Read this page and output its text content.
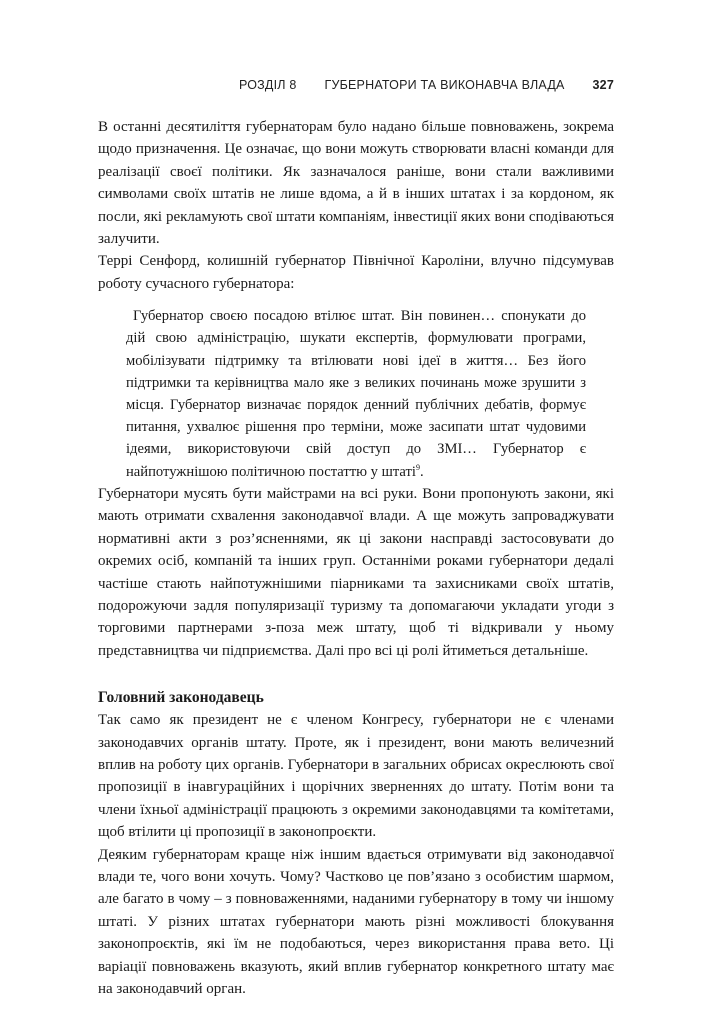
РОЗДІЛ 8 ГУБЕРНАТОРИ ТА ВИКОНАВЧА ВЛАДА 327

В останні десятиліття губернаторам було надано більше повноважень, зокрема щодо призначення. Це означає, що вони можуть створювати власні команди для реалізації своєї політики. Як зазначалося раніше, вони стали важливими символами своїх штатів не лише вдома, а й в інших штатах і за кордоном, як посли, які рекламують свої штати компаніям, інвестиції яких вони сподіваються залучити.

Террі Сенфорд, колишній губернатор Північної Кароліни, влучно підсумував роботу сучасного губернатора:

Губернатор своєю посадою втілює штат. Він повинен… спонукати до дій свою адміністрацію, шукати експертів, формулювати програми, мобілізувати підтримку та втілювати нові ідеї в життя… Без його підтримки та керівництва мало яке з великих починань може зрушити з місця. Губернатор визначає порядок денний публічних дебатів, формує питання, ухвалює рішення про терміни, може засипати штат чудовими ідеями, використовуючи свій доступ до ЗМІ… Губернатор є найпотужнішою політичною постаттю у штаті$^9$.

Губернатори мусять бути майстрами на всі руки. Вони пропонують закони, які мають отримати схвалення законодавчої влади. А ще можуть запроваджувати нормативні акти з роз’ясненнями, як ці закони насправді застосовувати до окремих осіб, компаній та інших груп. Останніми роками губернатори дедалі частіше стають найпотужнішими піарниками та захисниками своїх штатів, подорожуючи задля популяризації туризму та допомагаючи укладати угоди з торговими партнерами з-поза меж штату, щоб ті відкривали у ньому представництва чи підприємства. Далі про всі ці ролі йтиметься детальніше.

Головний законодавець

Так само як президент не є членом Конгресу, губернатори не є членами законодавчих органів штату. Проте, як і президент, вони мають величезний вплив на роботу цих органів. Губернатори в загальних обрисах окреслюють свої пропозиції в інавгураційних і щорічних зверненнях до штату. Потім вони та члени їхньої адміністрації працюють з окремими законодавцями та комітетами, щоб втілити ці пропозиції в законопроєкти.

Деяким губернаторам краще ніж іншим вдається отримувати від законодавчої влади те, чого вони хочуть. Чому? Частково це пов’язано з особистим шармом, але багато в чому – з повноваженнями, наданими губернатору в тому чи іншому штаті. У різних штатах губернатори мають різні можливості блокування законопроєктів, які їм не подобаються, через використання права вето. Ці варіації повноважень вказують, який вплив губернатор конкретного штату має на законодавчий орган.
